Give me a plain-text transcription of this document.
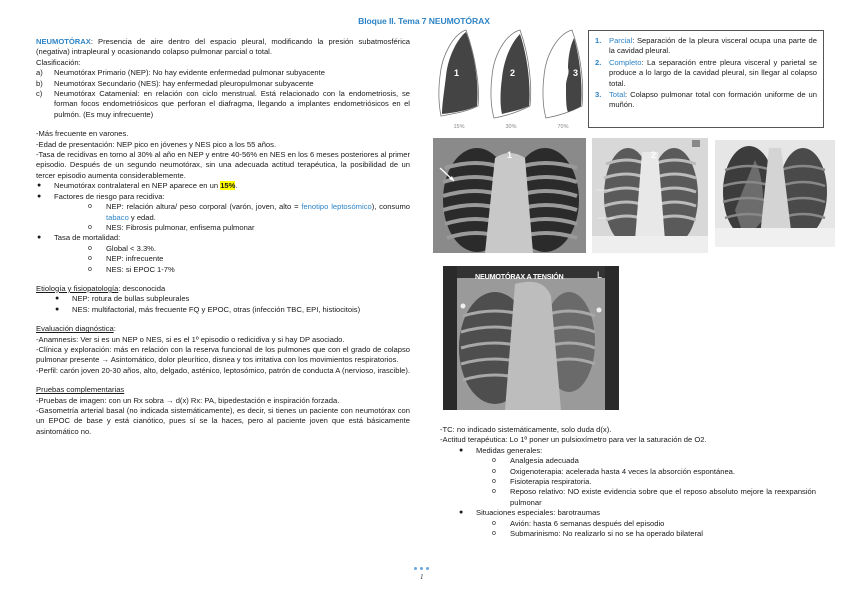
Bloque II. Tema 7 NEUMOTÓRAX

NEUMOTÓRAX: Presencia de aire dentro del espacio pleural, modificando la presión subatmosférica (negativa) intrapleural y ocasionando colapso pulmonar parcial o total.

Clasificación:

a)	Neumotórax Primario (NEP): No hay evidente enfermedad pulmonar subyacente
b)	Neumotórax Secundario (NES): hay enfermedad pleuropulmonar subyacente
c)	Neumotórax Catamenial: en relación con ciclo menstrual. Está relacionado con la endometriosis, se forman focos endometriósicos que perforan el diafragma, llegando a implantes endometriósicos en el pulmón. (Es muy infrecuente)

-Más frecuente en varones.

-Edad de presentación: NEP pico en jóvenes y NES pico a los 55 años.

-Tasa de recidivas en torno al 30% al año en NEP y entre 40-56% en NES en los 6 meses posteriores al primer episodio. Después de un segundo neumotórax, sin una adecuada actitud terapéutica, la posibilidad de un tercer episodio aumenta considerablemente.

●	Neumotórax contralateral en NEP aparece en un 15%.
●	Factores de riesgo para recidiva:
o	NEP: relación altura/ peso corporal (varón, joven, alto = fenotipo leptosómico), consumo tabaco y edad.
o	NES: Fibrosis pulmonar, enfisema pulmonar
●	Tasa de mortalidad:
o	Global < 3.3%.
o	NEP: infrecuente
o	NES: si EPOC 1-7%

Etiología y fisiopatología: desconocida

●	NEP: rotura de bullas subpleurales
●	NES: multifactorial, más frecuente FQ y EPOC, otras (infección TBC, EPI, histiocitois)

Evaluación diagnóstica:

-Anamnesis: Ver si es un NEP o NES, si es el 1º episodio o redicidiva y si hay DP asociado.

-Clínica y exploración: más en relación con la reserva funcional de los pulmones que con el grado de colapso pulmonar presente → Asintomático, dolor pleurítico, disnea y tos irritativa con los movimientos respiratorios.

-Perfil: carón joven 20-30 años, alto, delgado, asténico, leptosómico, patrón de conducta A (nervioso, irascible).

Pruebas complementarias

-Pruebas de imagen: con un Rx sobra → d(x) Rx: PA, bipedestación e inspiración forzada.

-Gasometría arterial basal (no indicada sistemáticamente), es decir, si tienes un paciente con neumotórax con un EPOC de base y está cianótico, pues sí se la haces, pero al paciente joven que está básicamente asintomático no.

1
15%
2
30%
3
70%
1.	Parcial: Separación de la pleura visceral ocupa una parte de la cavidad pleural.
2.	Completo: La separación entre pleura visceral y parietal se produce a lo largo de la cavidad pleural, sin llegar al colapso total.
3.	Total: Colapso pulmonar total con formación uniforme de un muñón.
1	2
NEUMOTÓRAX A TENSIÓN	L

-TC: no indicado sistemáticamente, solo duda d(x).

-Actitud terapéutica: Lo 1º poner un pulsioxímetro para ver la saturación de O2.

●	Medidas generales:
o	Analgesia adecuada
o	Oxigenoterapia: acelerada hasta 4 veces la absorción espontánea.
o	Fisioterapia respiratoria.
o	Reposo relativo: NO existe evidencia sobre que el reposo absoluto mejore la reexpansión pulmonar
●	Situaciones especiales: barotraumas
o	Avión: hasta 6 semanas después del episodio
o	Submarinismo: No realizarlo si no se ha operado bilateral
1
